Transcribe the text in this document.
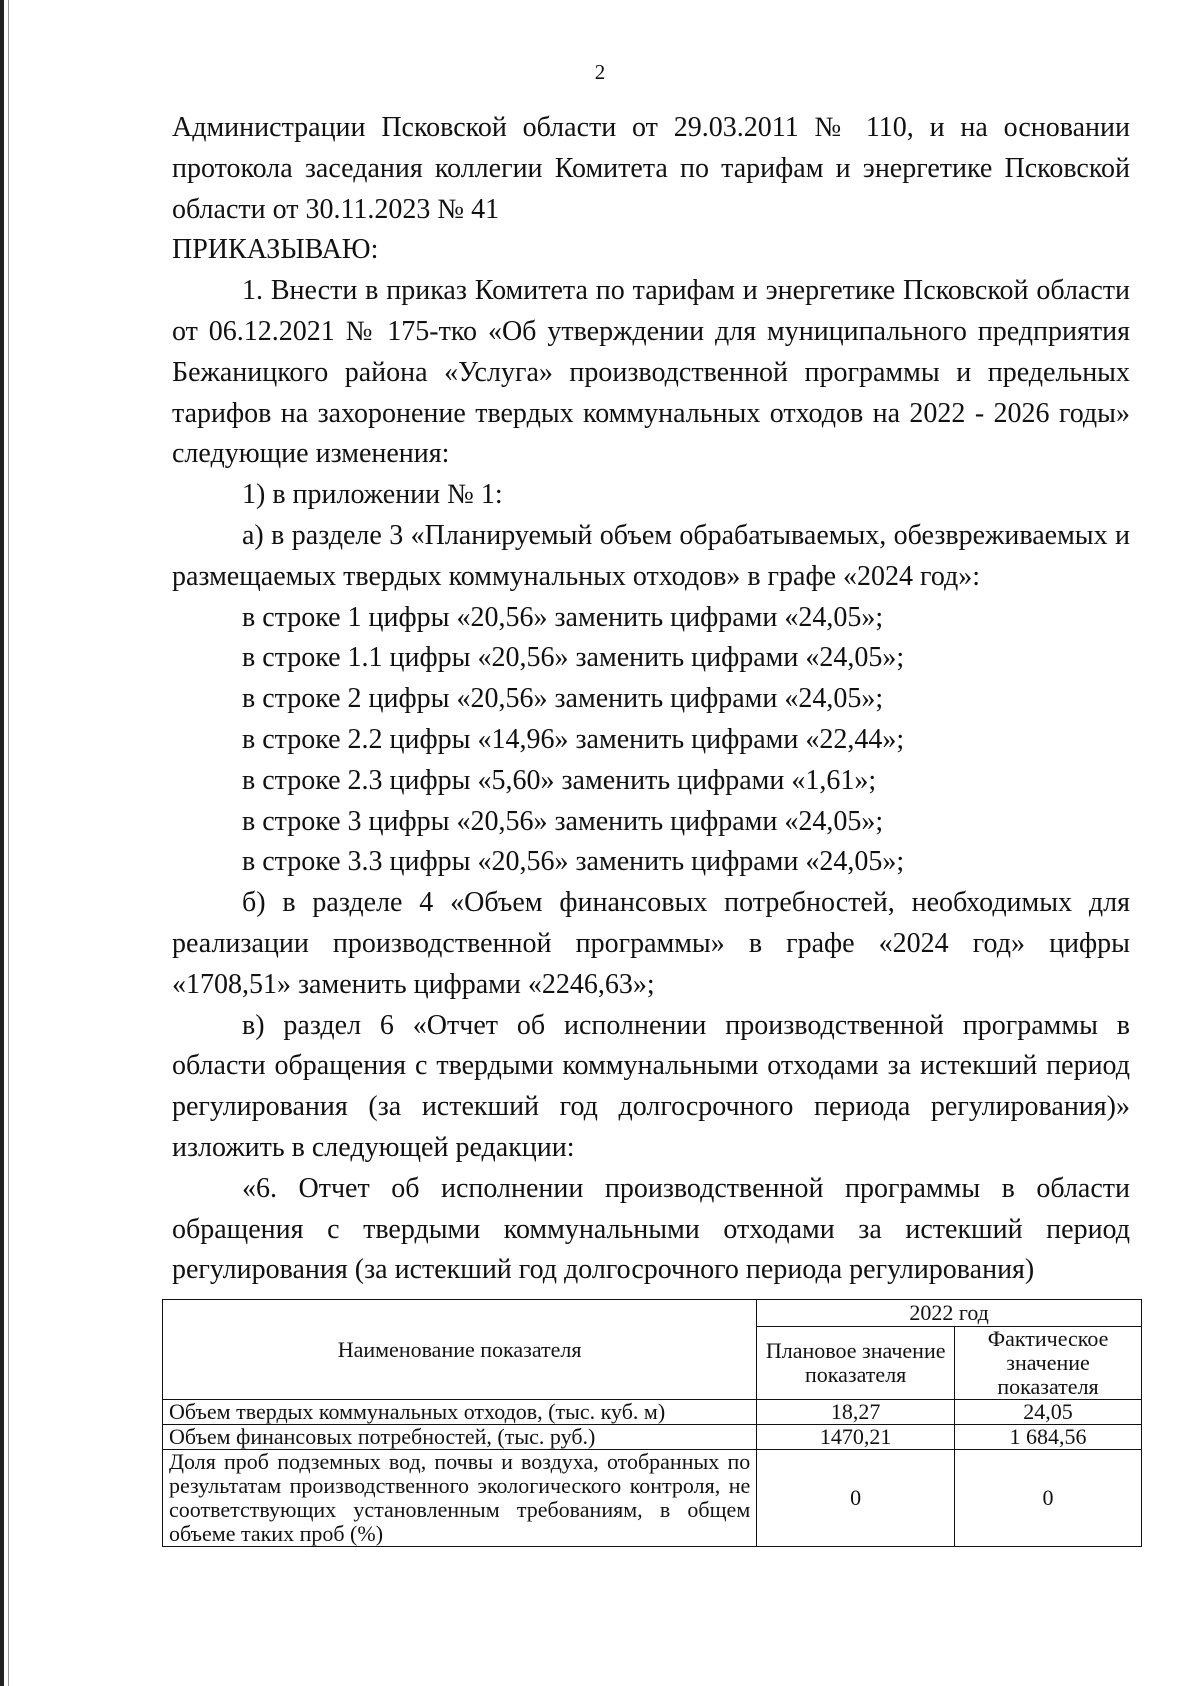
2

Администрации Псковской области от 29.03.2011 № 110, и на основании протокола заседания коллегии Комитета по тарифам и энергетике Псковской области от 30.11.2023 № 41

ПРИКАЗЫВАЮ:

1. Внести в приказ Комитета по тарифам и энергетике Псковской области от 06.12.2021 № 175-тко «Об утверждении для муниципального предприятия Бежаницкого района «Услуга» производственной программы и предельных тарифов на захоронение твердых коммунальных отходов на 2022 - 2026 годы» следующие изменения:

1) в приложении № 1:

а) в разделе 3 «Планируемый объем обрабатываемых, обезвреживаемых и размещаемых твердых коммунальных отходов» в графе «2024 год»:

в строке 1 цифры «20,56» заменить цифрами «24,05»;

в строке 1.1 цифры «20,56» заменить цифрами «24,05»;

в строке 2 цифры «20,56» заменить цифрами «24,05»;

в строке 2.2 цифры «14,96» заменить цифрами «22,44»;

в строке 2.3 цифры «5,60» заменить цифрами «1,61»;

в строке 3 цифры «20,56» заменить цифрами «24,05»;

в строке 3.3 цифры «20,56» заменить цифрами «24,05»;

б) в разделе 4 «Объем финансовых потребностей, необходимых для реализации производственной программы» в графе «2024 год» цифры «1708,51» заменить цифрами «2246,63»;

в) раздел 6 «Отчет об исполнении производственной программы в области обращения с твердыми коммунальными отходами за истекший период регулирования (за истекший год долгосрочного периода регулирования)» изложить в следующей редакции:

«6. Отчет об исполнении производственной программы в области обращения с твердыми коммунальными отходами за истекший период регулирования (за истекший год долгосрочного периода регулирования)

Наименование показателя	2022 год	
	Плановое значение показателя	Фактическое значение показателя
Объем твердых коммунальных отходов, (тыс. куб. м)	18,27	24,05
Объем финансовых потребностей, (тыс. руб.)	1470,21	1 684,56
Доля проб подземных вод, почвы и воздуха, отобранных по результатам производственного экологического контроля, не соответствующих установленным требованиям, в общем объеме таких проб (%)	0	0
